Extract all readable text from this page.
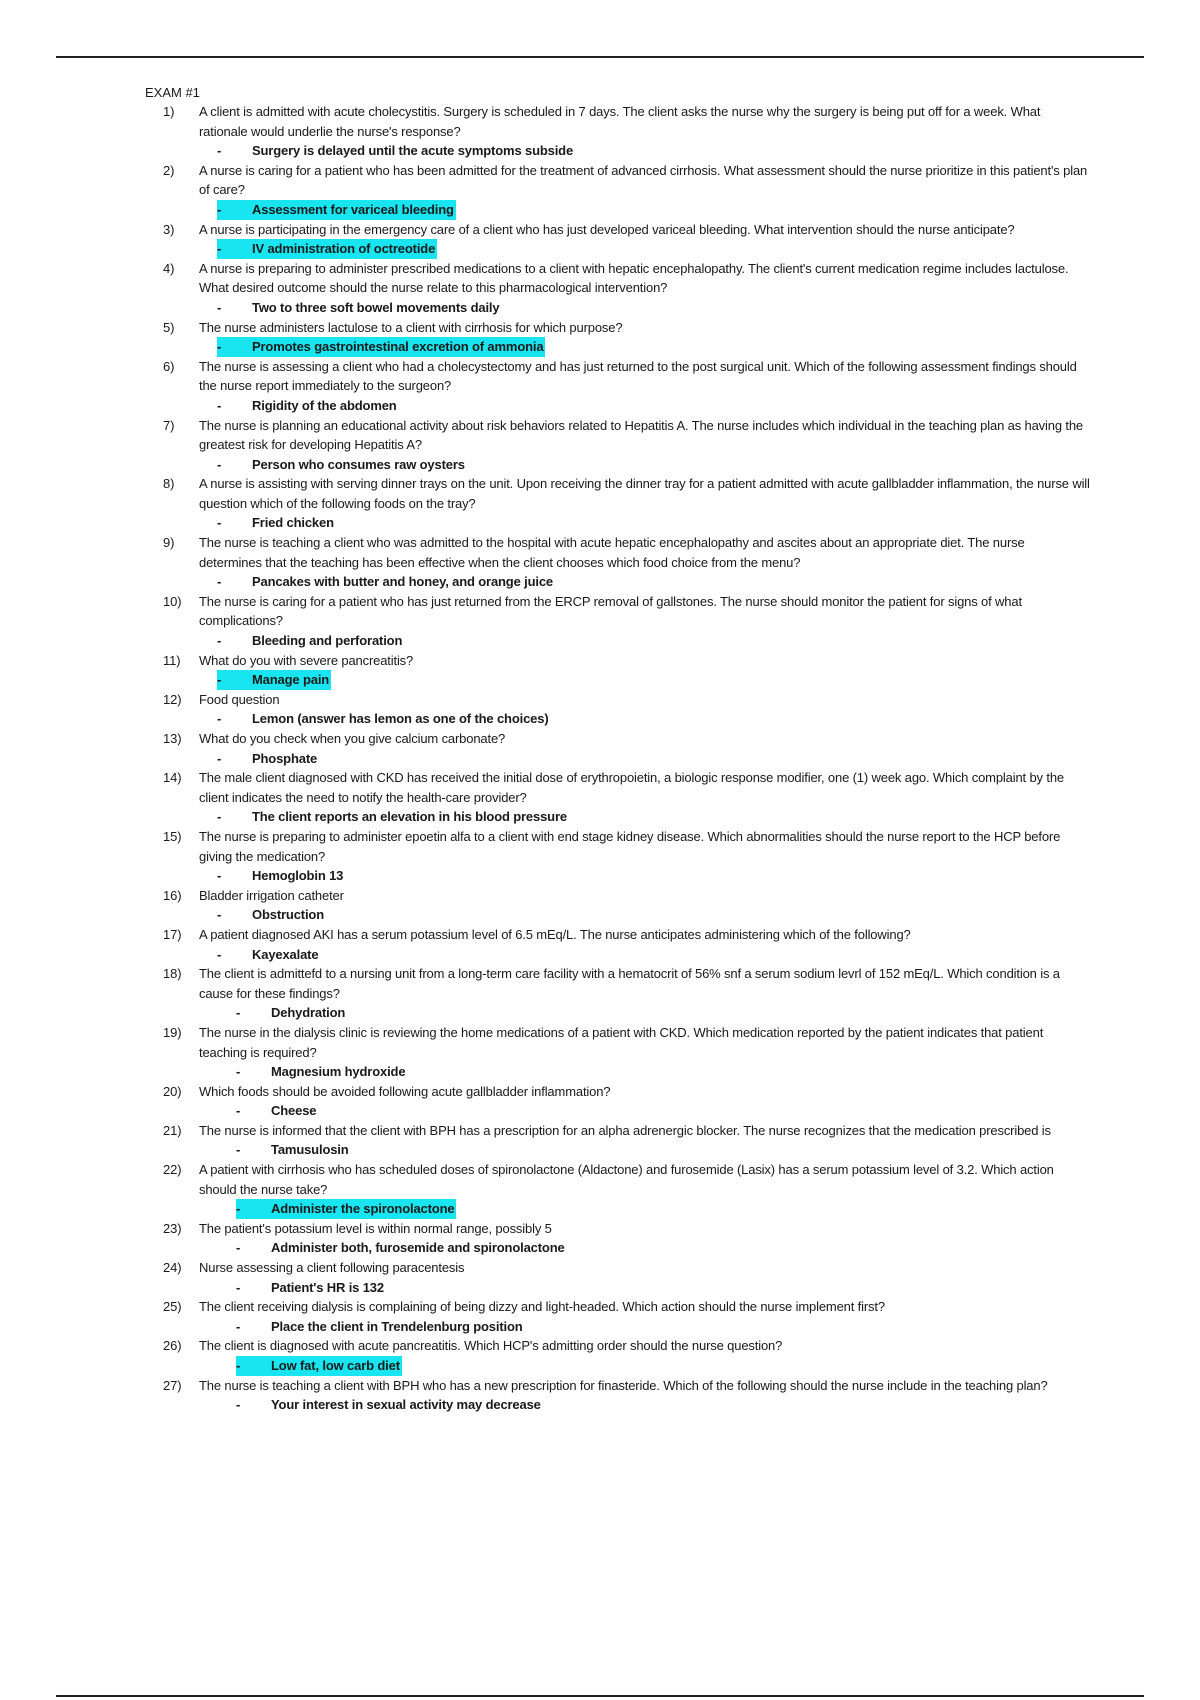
EXAM #1
1)	A client is admitted with acute cholecystitis. Surgery is scheduled in 7 days. The client asks the nurse why the surgery is being put off for a week. What rationale would underlie the nurse's response?
- Surgery is delayed until the acute symptoms subside
2)	A nurse is caring for a patient who has been admitted for the treatment of advanced cirrhosis. What assessment should the nurse prioritize in this patient's plan of care?
- Assessment for variceal bleeding
3)	A nurse is participating in the emergency care of a client who has just developed variceal bleeding. What intervention should the nurse anticipate?
- IV administration of octreotide
4)	A nurse is preparing to administer prescribed medications to a client with hepatic encephalopathy. The client's current medication regime includes lactulose. What desired outcome should the nurse relate to this pharmacological intervention?
- Two to three soft bowel movements daily
5)	The nurse administers lactulose to a client with cirrhosis for which purpose?
- Promotes gastrointestinal excretion of ammonia
6)	The nurse is assessing a client who had a cholecystectomy and has just returned to the post surgical unit. Which of the following assessment findings should the nurse report immediately to the surgeon?
- Rigidity of the abdomen
7)	The nurse is planning an educational activity about risk behaviors related to Hepatitis A. The nurse includes which individual in the teaching plan as having the greatest risk for developing Hepatitis A?
- Person who consumes raw oysters
8)	A nurse is assisting with serving dinner trays on the unit. Upon receiving the dinner tray for a patient admitted with acute gallbladder inflammation, the nurse will question which of the following foods on the tray?
- Fried chicken
9)	The nurse is teaching a client who was admitted to the hospital with acute hepatic encephalopathy and ascites about an appropriate diet. The nurse determines that the teaching has been effective when the client chooses which food choice from the menu?
- Pancakes with butter and honey, and orange juice
10)	The nurse is caring for a patient who has just returned from the ERCP removal of gallstones. The nurse should monitor the patient for signs of what complications?
- Bleeding and perforation
11)	What do you with severe pancreatitis?
- Manage pain
12)	Food question
- Lemon (answer has lemon as one of the choices)
13)	What do you check when you give calcium carbonate?
- Phosphate
14)	The male client diagnosed with CKD has received the initial dose of erythropoietin, a biologic response modifier, one (1) week ago. Which complaint by the client indicates the need to notify the health-care provider?
- The client reports an elevation in his blood pressure
15)	The nurse is preparing to administer epoetin alfa to a client with end stage kidney disease. Which abnormalities should the nurse report to the HCP before giving the medication?
- Hemoglobin 13
16)	Bladder irrigation catheter
- Obstruction
17)	A patient diagnosed AKI has a serum potassium level of 6.5 mEq/L. The nurse anticipates administering which of the following?
- Kayexalate
18)	The client is admittefd to a nursing unit from a long-term care facility with a hematocrit of 56% snf a serum sodium levrl of 152 mEq/L. Which condition is a cause for these findings?
- Dehydration
19)	The nurse in the dialysis clinic is reviewing the home medications of a patient with CKD. Which medication reported by the patient indicates that patient teaching is required?
- Magnesium hydroxide
20)	Which foods should be avoided following acute gallbladder inflammation?
- Cheese
21)	The nurse is informed that the client with BPH has a prescription for an alpha adrenergic blocker. The nurse recognizes that the medication prescribed is
- Tamusulosin
22)	A patient with cirrhosis who has scheduled doses of spironolactone (Aldactone) and furosemide (Lasix) has a serum potassium level of 3.2. Which action should the nurse take?
- Administer the spironolactone
23)	The patient's potassium level is within normal range, possibly 5
- Administer both, furosemide and spironolactone
24)	Nurse assessing a client following paracentesis
- Patient's HR is 132
25)	The client receiving dialysis is complaining of being dizzy and light-headed. Which action should the nurse implement first?
- Place the client in Trendelenburg position
26)	The client is diagnosed with acute pancreatitis. Which HCP's admitting order should the nurse question?
- Low fat, low carb diet
27)	The nurse is teaching a client with BPH who has a new prescription for finasteride. Which of the following should the nurse include in the teaching plan?
- Your interest in sexual activity may decrease
